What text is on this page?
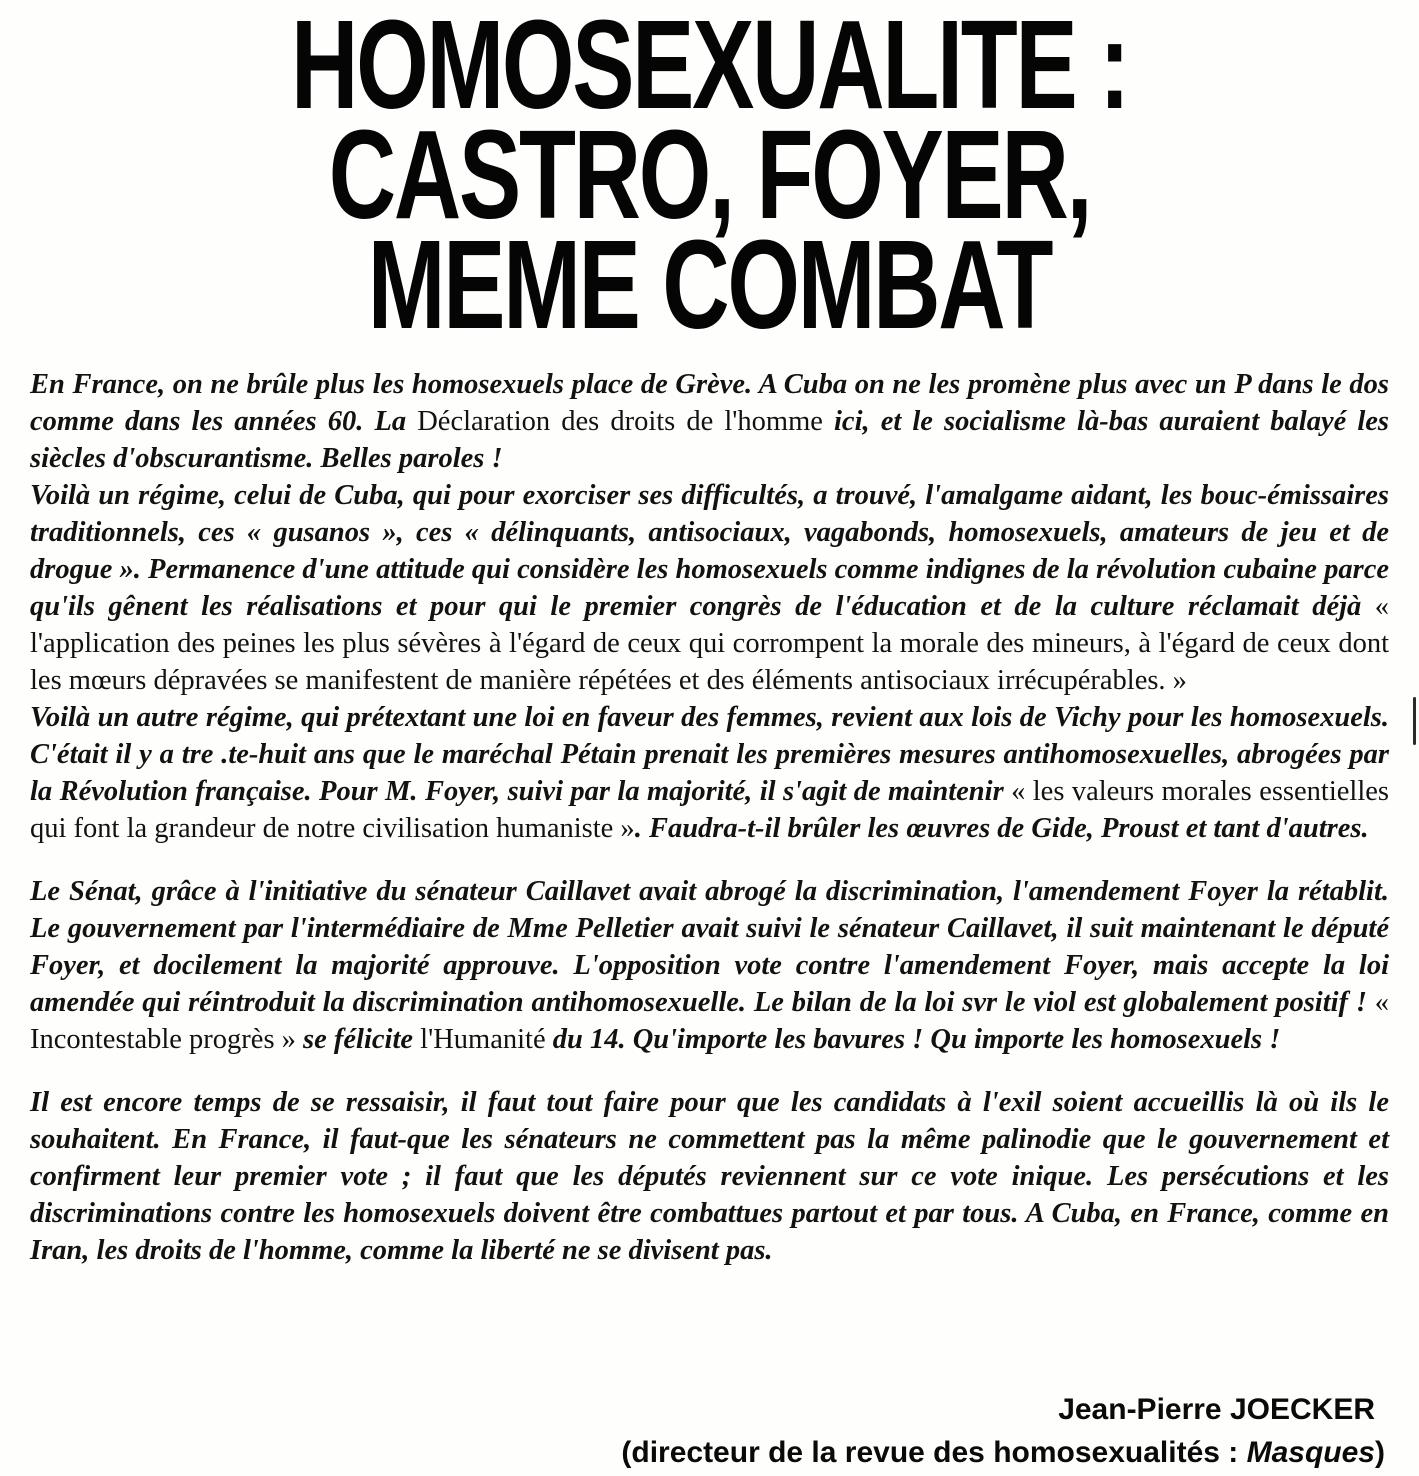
HOMOSEXUALITE :
CASTRO, FOYER,
MEME COMBAT

En France, on ne brûle plus les homosexuels place de Grève. A Cuba on ne les promène plus avec un P dans le dos comme dans les années 60. La Déclaration des droits de l'homme ici, et le socialisme là-bas auraient balayé les siècles d'obscurantisme. Belles paroles !

Voilà un régime, celui de Cuba, qui pour exorciser ses difficultés, a trouvé, l'amalgame aidant, les bouc-émissaires traditionnels, ces « gusanos », ces « délinquants, antisociaux, vagabonds, homosexuels, amateurs de jeu et de drogue ». Permanence d'une attitude qui considère les homosexuels comme indignes de la révolution cubaine parce qu'ils gênent les réalisations et pour qui le premier congrès de l'éducation et de la culture réclamait déjà « l'application des peines les plus sévères à l'égard de ceux qui corrompent la morale des mineurs, à l'égard de ceux dont les mœurs dépravées se manifestent de manière répétées et des éléments antisociaux irrécupérables. »

Voilà un autre régime, qui prétextant une loi en faveur des femmes, revient aux lois de Vichy pour les homosexuels. C'était il y a tre .te-huit ans que le maréchal Pétain prenait les premières mesures antihomosexuelles, abrogées par la Révolution française. Pour M. Foyer, suivi par la majorité, il s'agit de maintenir « les valeurs morales essentielles qui font la grandeur de notre civilisation humaniste ». Faudra-t-il brûler les œuvres de Gide, Proust et tant d'autres.

Le Sénat, grâce à l'initiative du sénateur Caillavet avait abrogé la discrimination, l'amendement Foyer la rétablit. Le gouvernement par l'intermédiaire de Mme Pelletier avait suivi le sénateur Caillavet, il suit maintenant le député Foyer, et docilement la majorité approuve. L'opposition vote contre l'amendement Foyer, mais accepte la loi amendée qui réintroduit la discrimination antihomosexuelle. Le bilan de la loi svr le viol est globalement positif ! « Incontestable progrès » se félicite l'Humanité du 14. Qu'importe les bavures ! Qu importe les homosexuels !

Il est encore temps de se ressaisir, il faut tout faire pour que les candidats à l'exil soient accueillis là où ils le souhaitent. En France, il faut-que les sénateurs ne commettent pas la même palinodie que le gouvernement et confirment leur premier vote ; il faut que les députés reviennent sur ce vote inique. Les persécutions et les discriminations contre les homosexuels doivent être combattues partout et par tous. A Cuba, en France, comme en Iran, les droits de l'homme, comme la liberté ne se divisent pas.

Jean-Pierre JOECKER
(directeur de la revue des homosexualités : Masques)
